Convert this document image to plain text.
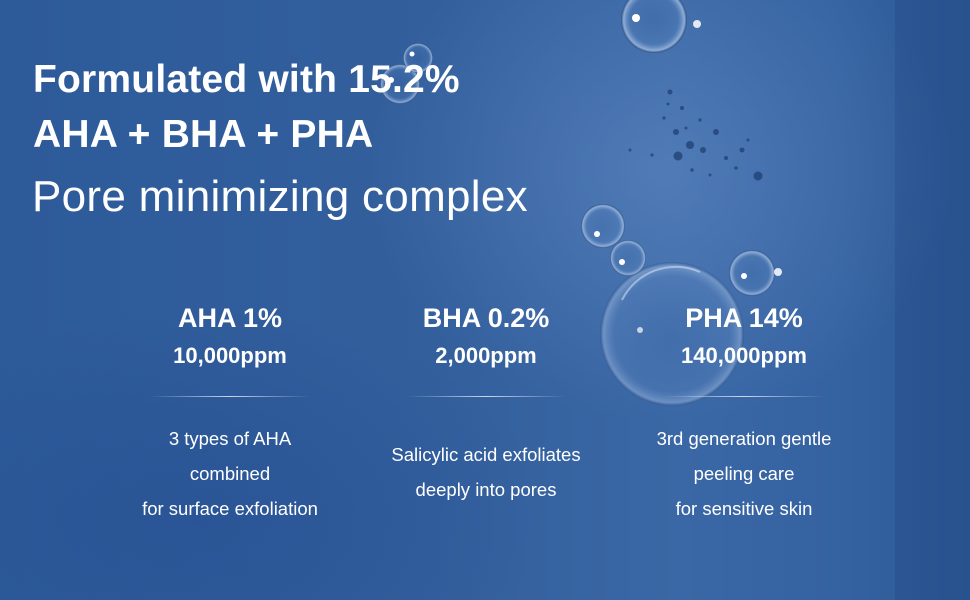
Formulated with 15.2%
AHA + BHA + PHA
Pore minimizing complex
AHA 1%
10,000ppm
3 types of AHA
combined
for surface exfoliation
BHA 0.2%
2,000ppm
Salicylic acid exfoliates
deeply into pores
PHA 14%
140,000ppm
3rd generation gentle
peeling care
for sensitive skin
